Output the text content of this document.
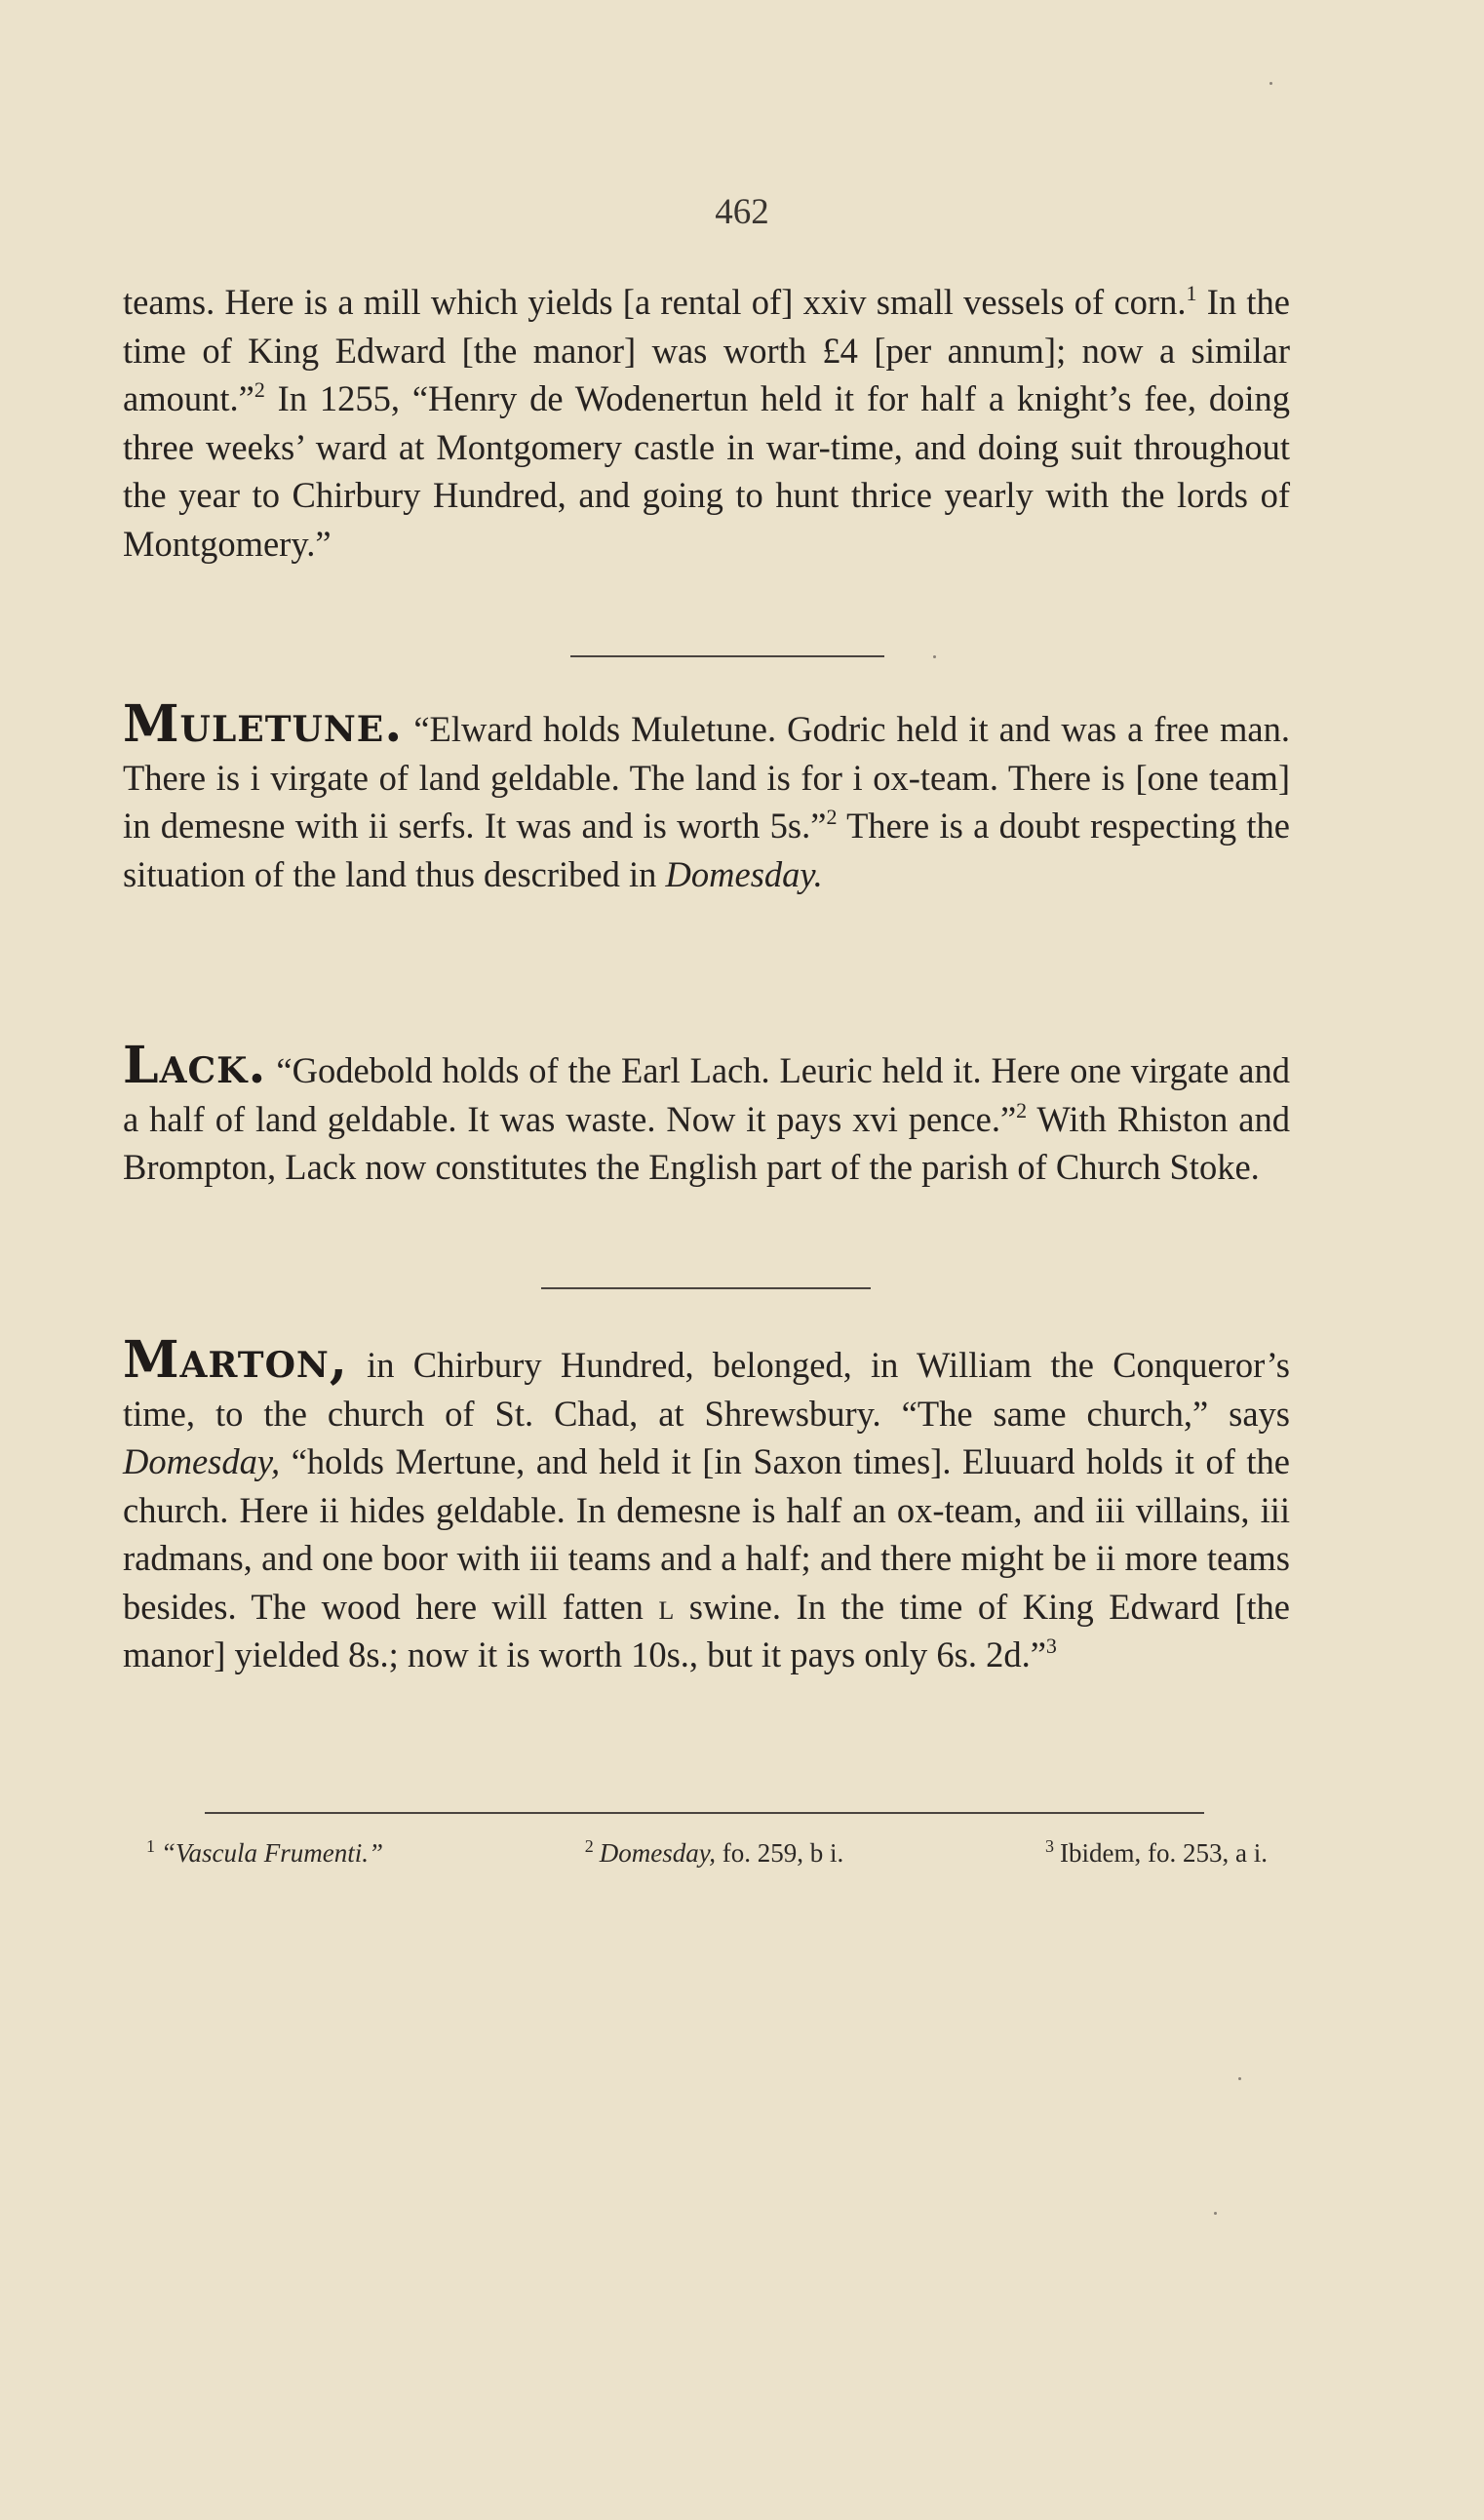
462

teams. Here is a mill which yields [a rental of] xxiv small vessels of corn.$^1$ In the time of King Edward [the manor] was worth £4 [per annum]; now a similar amount.”$^2$ In 1255, “Henry de Wodenertun held it for half a knight’s fee, doing three weeks’ ward at Montgomery castle in war-time, and doing suit throughout the year to Chirbury Hundred, and going to hunt thrice yearly with the lords of Montgomery.”

Muletune. “Elward holds Muletune. Godric held it and was a free man. There is i virgate of land geldable. The land is for i ox-team. There is [one team] in demesne with ii serfs. It was and is worth 5s.”$^2$ There is a doubt respecting the situation of the land thus described in Domesday.

Lack. “Godebold holds of the Earl Lach. Leuric held it. Here one virgate and a half of land geldable. It was waste. Now it pays xvi pence.”$^2$ With Rhiston and Brompton, Lack now constitutes the English part of the parish of Church Stoke.

Marton, in Chirbury Hundred, belonged, in William the Conqueror’s time, to the church of St. Chad, at Shrewsbury. “The same church,” says Domesday, “holds Mertune, and held it [in Saxon times]. Eluuard holds it of the church. Here ii hides geldable. In demesne is half an ox-team, and iii villains, iii radmans, and one boor with iii teams and a half; and there might be ii more teams besides. The wood here will fatten l swine. In the time of King Edward [the manor] yielded 8s.; now it is worth 10s., but it pays only 6s. 2d.”$^3$

$^1$ “Vascula Frumenti.”	$^2$ Domesday, fo. 259, b i.	$^3$ Ibidem, fo. 253, a i.
